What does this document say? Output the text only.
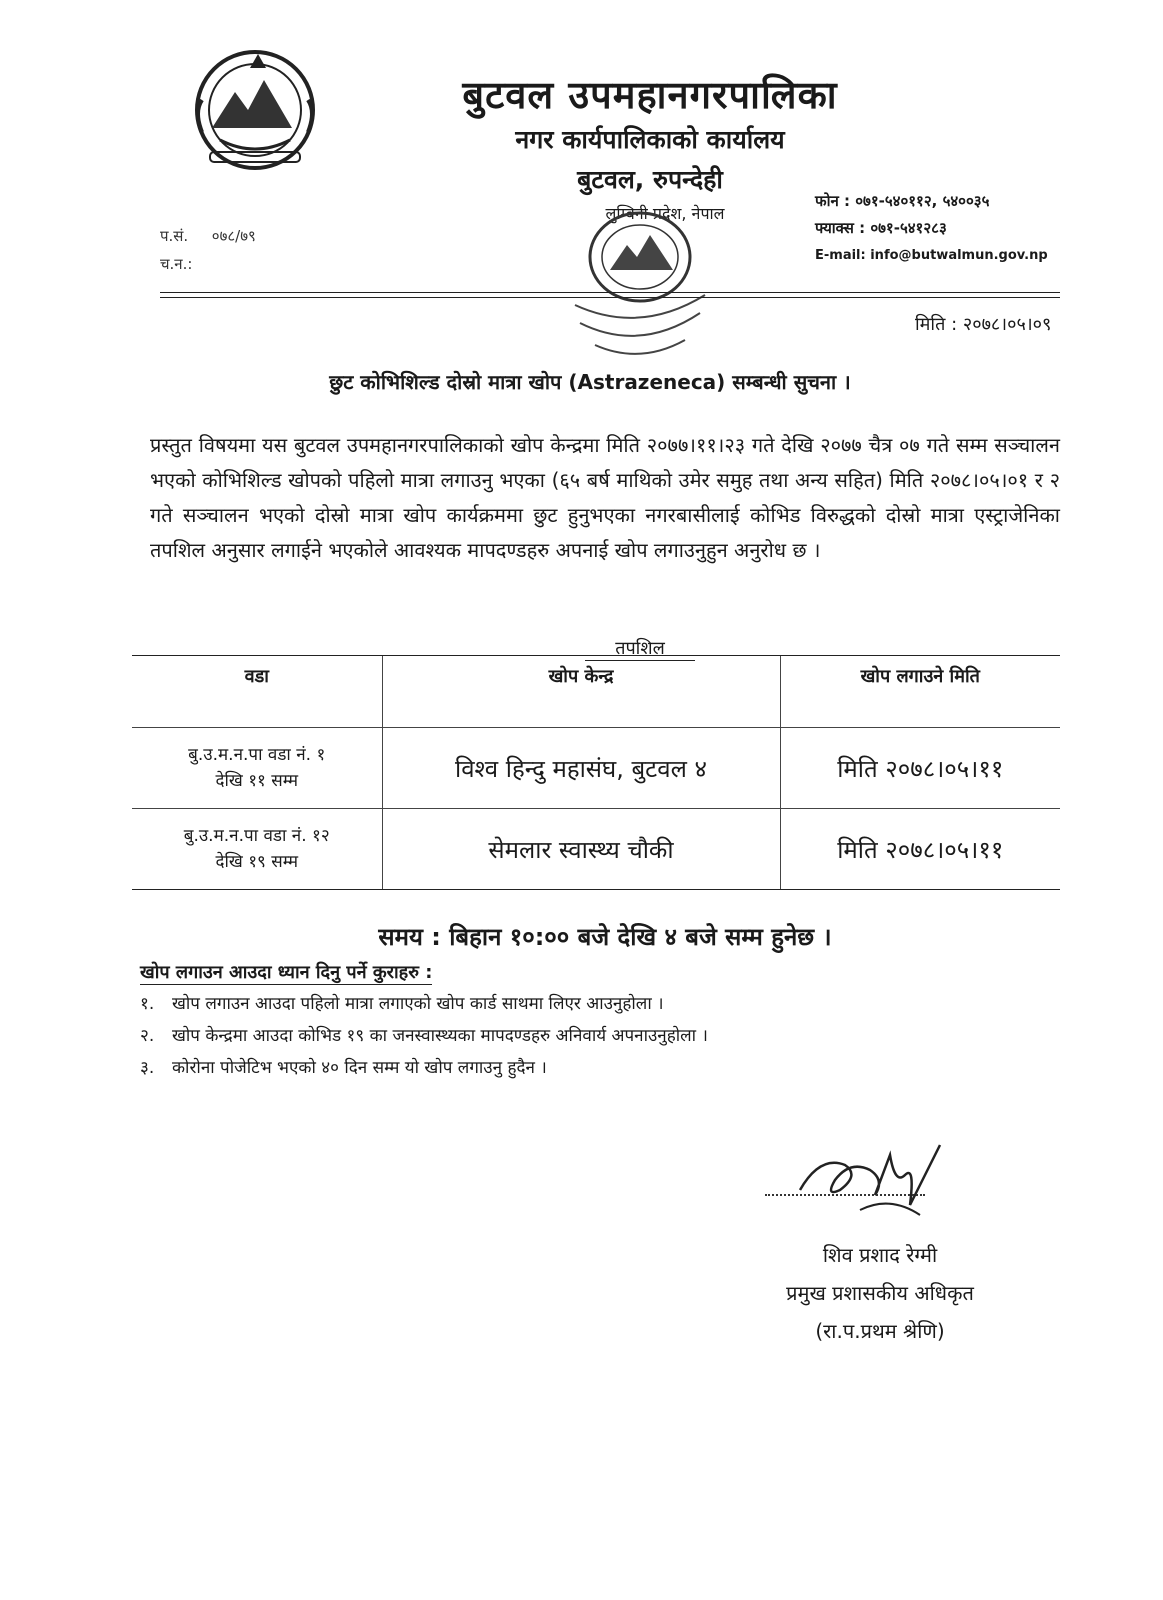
बुटवल उपमहानगरपालिका
नगर कार्यपालिकाको कार्यालय
बुटवल, रुपन्देही
लुम्बिनी प्रदेश, नेपाल
फोन : ०७१-५४०११२, ५४००३५
फ्याक्स : ०७१-५४१२८३
E-mail: info@butwalmun.gov.np
प.सं. ०७८/७९
च.न.:
मिति : २०७८।०५।०९
छुट कोभिशिल्ड दोस्रो मात्रा खोप (Astrazeneca) सम्बन्धी सुचना ।
प्रस्तुत विषयमा यस बुटवल उपमहानगरपालिकाको खोप केन्द्रमा मिति २०७७।११।२३ गते देखि २०७७ चैत्र ०७ गते सम्म सञ्चालन भएको कोभिशिल्ड खोपको पहिलो मात्रा लगाउनु भएका (६५ बर्ष माथिको उमेर समुह तथा अन्य सहित) मिति २०७८।०५।०१ र २ गते सञ्चालन भएको दोस्रो मात्रा खोप कार्यक्रममा छुट हुनुभएका नगरबासीलाई कोभिड विरुद्धको दोस्रो मात्रा एस्ट्राजेनिका तपशिल अनुसार लगाईने भएकोले आवश्यक मापदण्डहरु अपनाई खोप लगाउनुहुन अनुरोध छ ।
तपशिल
वडा	खोप केन्द्र	खोप लगाउने मिति

बु.उ.म.न.पा वडा नं. १
देखि ११ सम्म	विश्व हिन्दु महासंघ, बुटवल ४	मिति २०७८।०५।११

बु.उ.म.न.पा वडा नं. १२
देखि १९ सम्म	सेमलार स्वास्थ्य चौकी	मिति २०७८।०५।११
समय : बिहान १०:०० बजे देखि ४ बजे सम्म हुनेछ ।
खोप लगाउन आउदा ध्यान दिनु पर्ने कुराहरु :
१. खोप लगाउन आउदा पहिलो मात्रा लगाएको खोप कार्ड साथमा लिएर आउनुहोला ।
२. खोप केन्द्रमा आउदा कोभिड १९ का जनस्वास्थ्यका मापदण्डहरु अनिवार्य अपनाउनुहोला ।
३. कोरोना पोजेटिभ भएको ४० दिन सम्म यो खोप लगाउनु हुदैन ।
शिव प्रशाद रेग्मी
प्रमुख प्रशासकीय अधिकृत
(रा.प.प्रथम श्रेणि)
